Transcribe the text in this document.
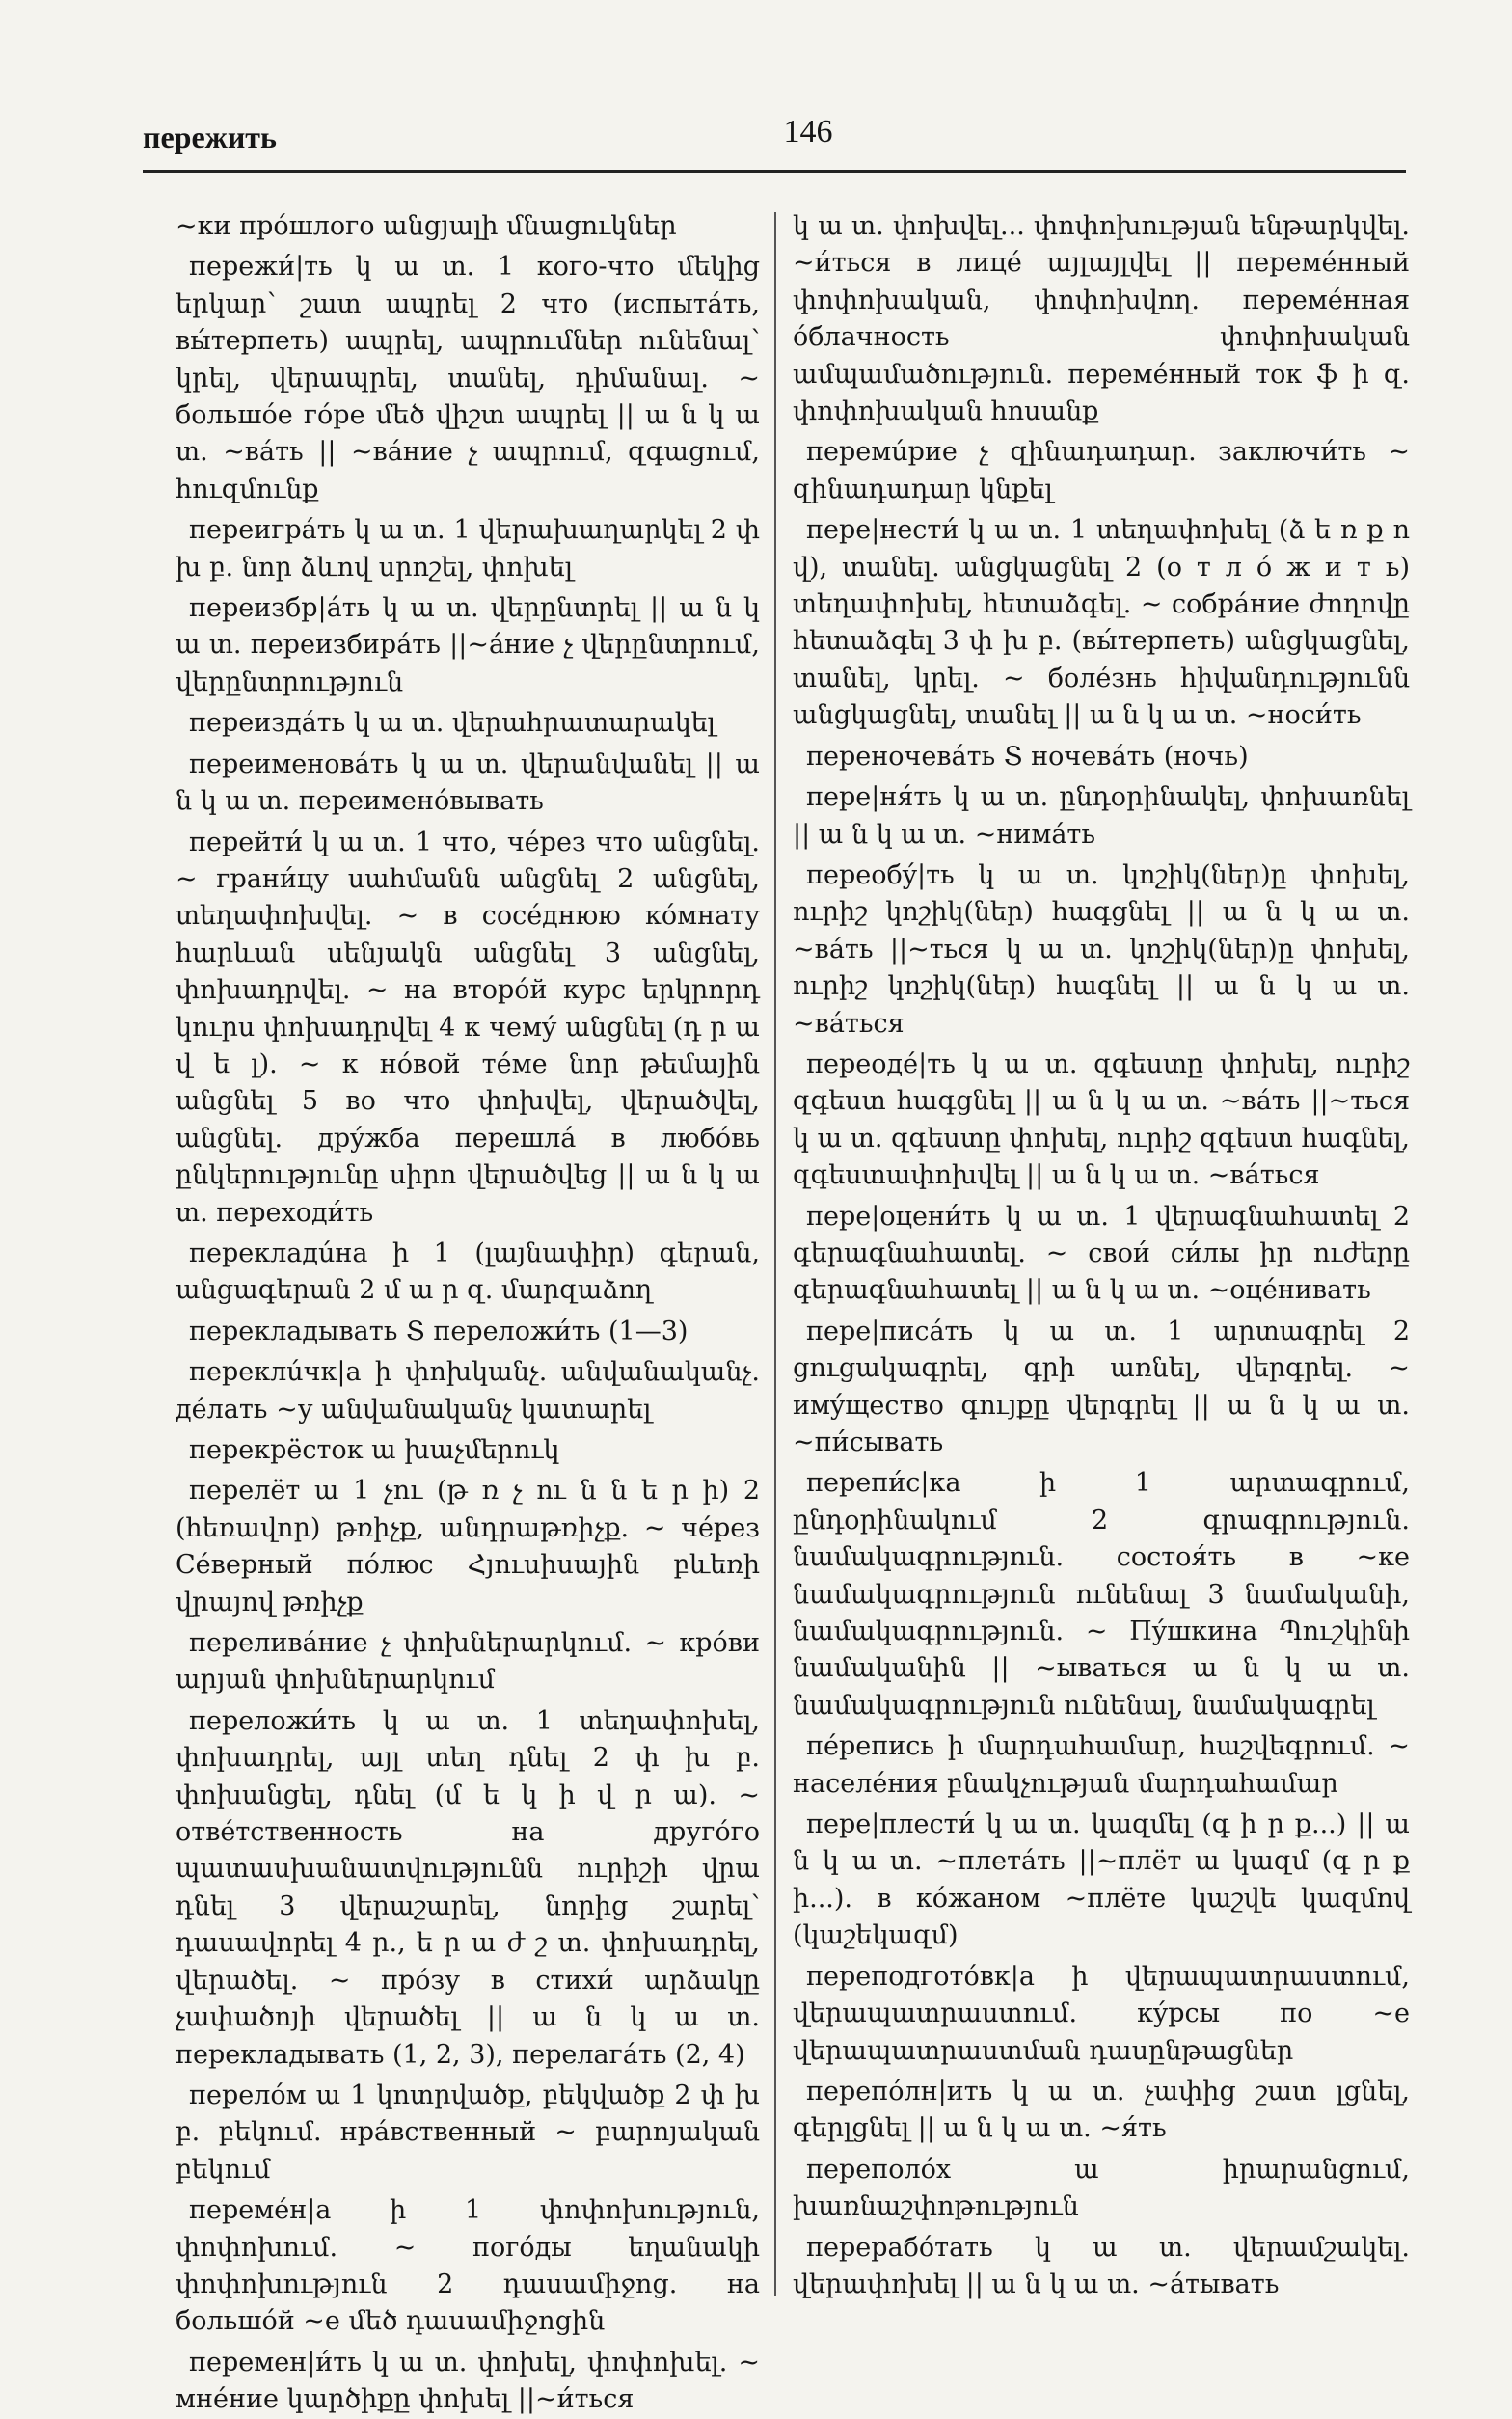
пережить	146

~ки прóшлого անցյալի մնացուկներ

пережи́|ть կ ա տ. 1 кого-что մեկից երկար՝ շատ ապրել 2 что (испытáть, вы́терпеть) ապրել, ապրումներ ունենալ՝ կրել, վերապրել, տանել, դիմանալ. ~ большóе гóре մեծ վիշտ ապրել || ա ն կ ա տ. ~вáть || ~вáние չ ապրում, զգացում, հուզմունք

переигрáть կ ա տ. 1 վերախաղարկել 2 փ խ բ. նոր ձևով սրոշել, փոխել

переизбр|áть կ ա տ. վերընտրել || ա ն կ ա տ. переизбирáть ||~áние չ վերընտրում, վերընտրություն

переиздáть կ ա տ. վերահրատարակել

переименовáть կ ա տ. վերանվանել || ա ն կ ա տ. переименóвывать

перейти́ կ ա տ. 1 что, чéрез что անցնել. ~ грани́цу սահմանն անցնել 2 անցնել, տեղափոխվել. ~ в сосéднюю кóмнату հարևան սենյակն անցնել 3 անցնել, փոխադրվել. ~ на вторóй курс երկրորդ կուրս փոխադրվել 4 к чемý անցնել (դ ր ա վ ե լ). ~ к нóвой тéме նոր թեմային անցնել 5 во что փոխվել, վերածվել, անցնել. дрýжба перешлá в любóвь ընկերությունը սիրո վերածվեց || ա ն կ ա տ. переходи́ть

перекладúна ի 1 (լայնափիր) գերան, անցագերան 2 մ ա ր զ. մարզաձող

перекладывать Տ переложи́ть (1—3)

переклúчк|а ի փոխկանչ. անվանականչ. дéлать ~у անվանականչ կատարել

перекрёсток ա խաչմերուկ

перелёт ա 1 չու (թ ռ չ ու ն ն ե ր ի) 2 (հեռավոր) թռիչք, անդրաթռիչք. ~ чéрез Сéверный пóлюс Հյուսիսային բևեռի վրայով թռիչք

переливáние չ փոխներարկում. ~ крóви արյան փոխներարկում

переложи́ть կ ա տ. 1 տեղափոխել, փոխադրել, այլ տեղ դնել 2 փ խ բ. փոխանցել, դնել (մ ե կ ի վ ր ա). ~ отвéтственность на другóго պատասխանատվությունն ուրիշի վրա դնել 3 վերաշարել, նորից շարել՝ դասավորել 4 ր., ե ր ա ժ շ տ. փոխադրել, վերածել. ~ прóзу в стихи́ արձակը չափածոյի վերածել || ա ն կ ա տ. перекладывать (1, 2, 3), перелагáть (2, 4)

перелóм ա 1 կոտրվածք, բեկվածք 2 փ խ բ. բեկում. нрáвственный ~ բարոյական բեկում

перемéн|а ի 1 փոփոխություն, փոփոխում. ~ погóды եղանակի փոփոխություն 2 դասամիջոց. на большóй ~е մեծ դասամիջոցին

перемен|и́ть կ ա տ. փոխել, փոփոխել. ~ мнéние կարծիքը փոխել ||~и́ться

կ ա տ. փոխվել... փոփոխության ենթարկվել. ~и́ться в лицé այլայլվել || перемéнный փոփոխական, փոփոխվող. перемéнная óблачность փոփոխական ամպամածություն. перемéнный ток ֆ ի զ. փոփոխական հոսանք

перемúрие չ զինադադար. заключи́ть ~ զինադադար կնքել

пере|нести́ կ ա տ. 1 տեղափոխել (ձ ե ռ ք ո վ), տանել. անցկացնել 2 (о т л ó ж и т ь) տեղափոխել, հետաձգել. ~ собрáние ժողովը հետաձգել 3 փ խ բ. (вы́терпеть) անցկացնել, տանել, կրել. ~ болéзнь հիվանդությունն անցկացնել, տանել || ա ն կ ա տ. ~носи́ть

переночевáть Տ ночевáть (ночь)

пере|ня́ть կ ա տ. ընդօրինակել, փոխառնել || ա ն կ ա տ. ~нимáть

переобý|ть կ ա տ. կոշիկ(ներ)ը փոխել, ուրիշ կոշիկ(ներ) հագցնել || ա ն կ ա տ. ~вáть ||~ться կ ա տ. կոշիկ(ներ)ը փոխել, ուրիշ կոշիկ(ներ) հագնել || ա ն կ ա տ. ~вáться

переодé|ть կ ա տ. զգեստը փոխել, ուրիշ զգեստ հագցնել || ա ն կ ա տ. ~вáть ||~ться կ ա տ. զգեստը փոխել, ուրիշ զգեստ հագնել, զգեստափոխվել || ա ն կ ա տ. ~вáться

пере|оцени́ть կ ա տ. 1 վերագնահատել 2 գերագնահատել. ~ свои́ си́лы իր ուժերը գերագնահատել || ա ն կ ա տ. ~оцéнивать

пере|писáть կ ա տ. 1 արտագրել 2 ցուցակագրել, գրի առնել, վերգրել. ~ имýщество գույքը վերգրել || ա ն կ ա տ. ~пи́сывать

перепи́с|ка ի 1 արտագրում, ընդօրինակում 2 գրագրություն. նամակագրություն. состоя́ть в ~ке նամակագրություն ունենալ 3 նամականի, նամակագրություն. ~ Пýшкина Պուշկինի նամականին || ~ываться ա ն կ ա տ. նամակագրություն ունենալ, նամակագրել

пéрепись ի մարդահամար, հաշվեգրում. ~ населéния բնակչության մարդահամար

пере|плести́ կ ա տ. կազմել (գ ի ր ք...) || ա ն կ ա տ. ~плетáть ||~плёт ա կազմ (գ ր ք ի...). в кóжаном ~плёте կաշվե կազմով (կաշեկազմ)

переподготóвк|а ի վերապատրաստում, վերապատրաստում. кýрсы по ~е վերապատրաստման դասընթացներ

перепóлн|ить կ ա տ. չափից շատ լցնել, գերլցնել || ա ն կ ա տ. ~я́ть

переполóх ա իրարանցում, խառնաշփոթություն

перерабóтать կ ա տ. վերամշակել. վերափոխել || ա ն կ ա տ. ~áтывать
